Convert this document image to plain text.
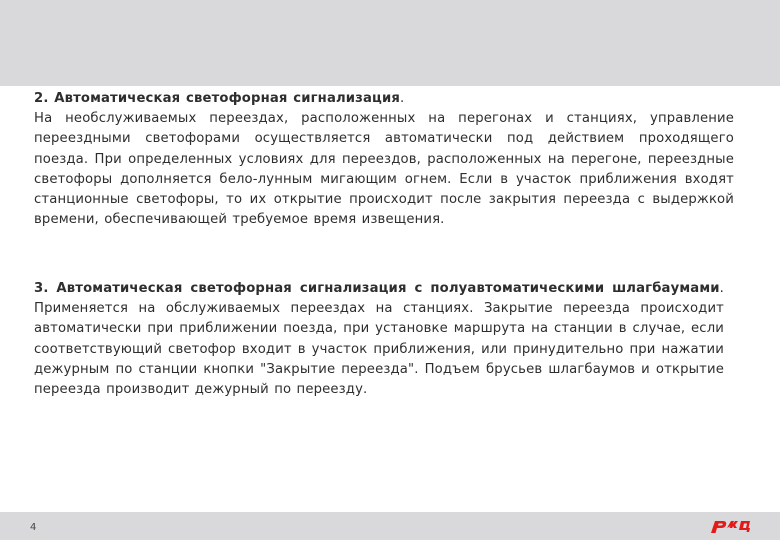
2. Автоматическая светофорная сигнализация.
На необслуживаемых переездах, расположенных на перегонах и станциях, управление переездными светофорами осуществляется автоматически под действием проходящего поезда. При определенных условиях для переездов, расположенных на перегоне, переездные светофоры дополняется бело-лунным мигающим огнем. Если в участок приближения входят станционные светофоры, то их открытие происходит после закрытия переезда с выдержкой времени, обеспечивающей требуемое время извещения.

3. Автоматическая светофорная сигнализация с полуавтоматическими шлагбаумами. Применяется на обслуживаемых переездах на станциях. Закрытие переезда происходит автоматически при приближении поезда, при установке маршрута на станции в случае, если соответствующий светофор входит в участок приближения, или принудительно при нажатии дежурным по станции кнопки "Закрытие переезда". Подъем брусьев шлагбаумов и открытие переезда производит дежурный по переезду.

4
